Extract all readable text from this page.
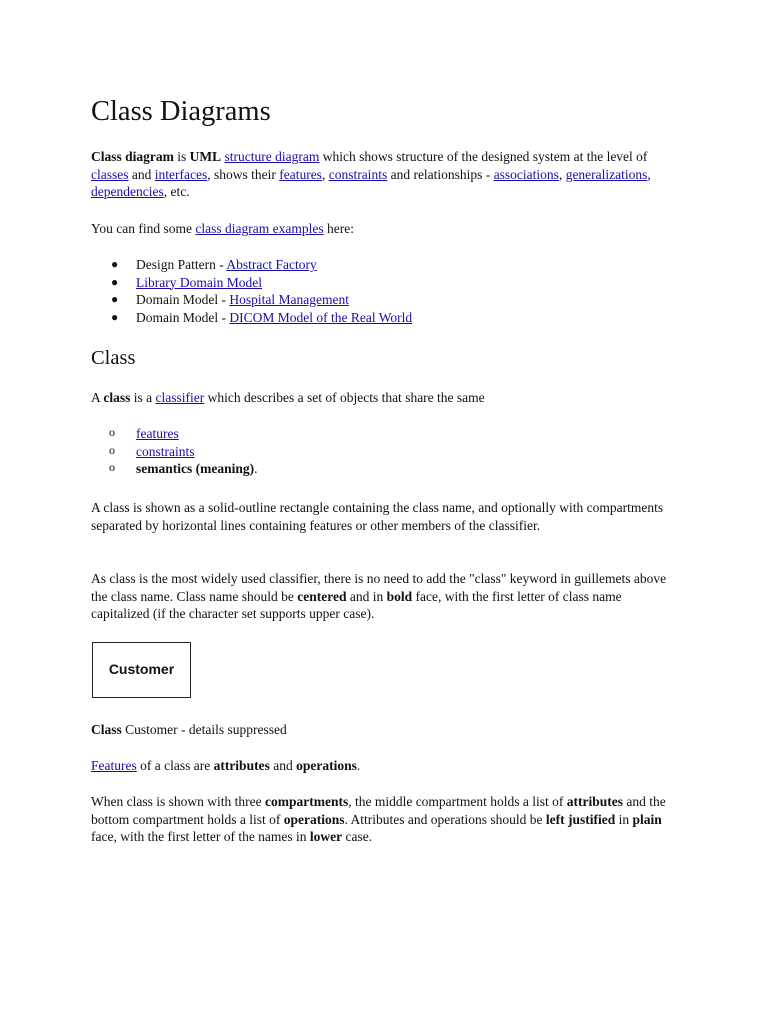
Class Diagrams

Class diagram is UML structure diagram which shows structure of the designed system at the level of classes and interfaces, shows their features, constraints and relationships - associations, generalizations, dependencies, etc.

You can find some class diagram examples here:

● Design Pattern - Abstract Factory
● Library Domain Model
● Domain Model - Hospital Management
● Domain Model - DICOM Model of the Real World
Class

A class is a classifier which describes a set of objects that share the same

o features
o constraints
o semantics (meaning).

A class is shown as a solid-outline rectangle containing the class name, and optionally with compartments separated by horizontal lines containing features or other members of the classifier.

As class is the most widely used classifier, there is no need to add the "class" keyword in guillemets above the class name. Class name should be centered and in bold face, with the first letter of class name capitalized (if the character set supports upper case).

Customer

Class Customer - details suppressed

Features of a class are attributes and operations.

When class is shown with three compartments, the middle compartment holds a list of attributes and the bottom compartment holds a list of operations. Attributes and operations should be left justified in plain face, with the first letter of the names in lower case.
